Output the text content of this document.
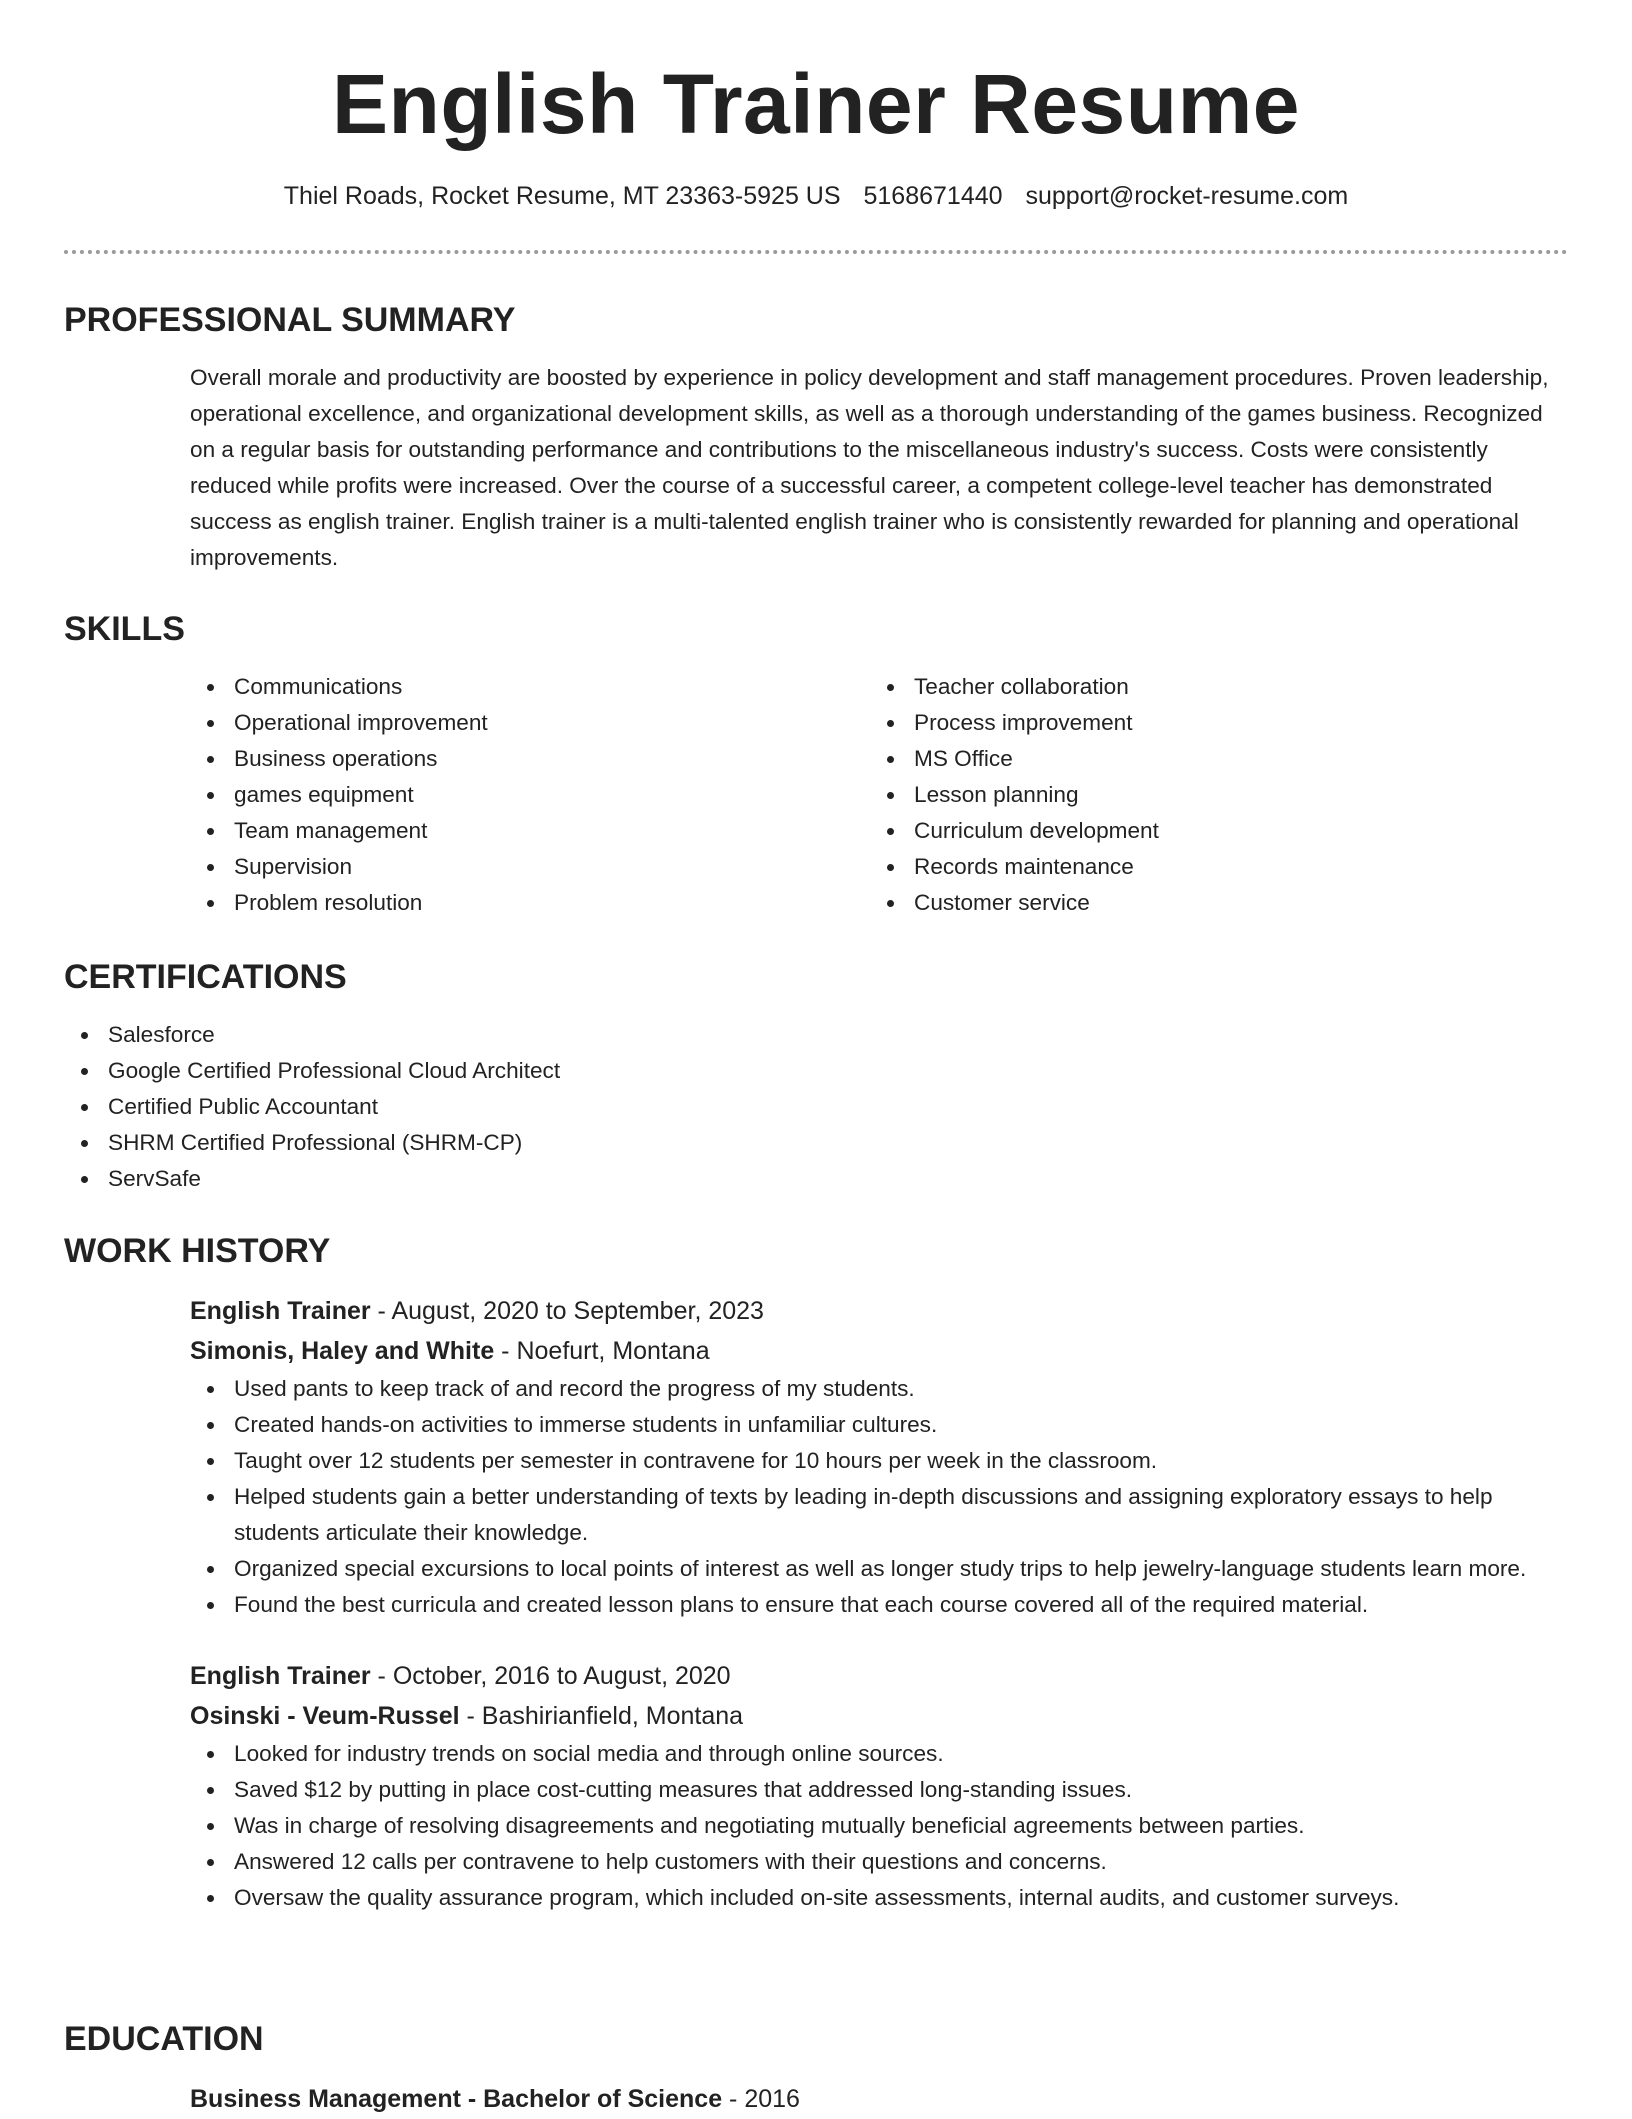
English Trainer Resume
Thiel Roads, Rocket Resume, MT 23363-5925 US 5168671440 support@rocket-resume.com
PROFESSIONAL SUMMARY

Overall morale and productivity are boosted by experience in policy development and staff management procedures. Proven leadership, operational excellence, and organizational development skills, as well as a thorough understanding of the games business. Recognized on a regular basis for outstanding performance and contributions to the miscellaneous industry's success. Costs were consistently reduced while profits were increased. Over the course of a successful career, a competent college-level teacher has demonstrated success as english trainer. English trainer is a multi-talented english trainer who is consistently rewarded for planning and operational improvements.

SKILLS
Communications
Operational improvement
Business operations
games equipment
Team management
Supervision
Problem resolution
Teacher collaboration
Process improvement
MS Office
Lesson planning
Curriculum development
Records maintenance
Customer service
CERTIFICATIONS
Salesforce
Google Certified Professional Cloud Architect
Certified Public Accountant
SHRM Certified Professional (SHRM-CP)
ServSafe
WORK HISTORY
English Trainer - August, 2020 to September, 2023
Simonis, Haley and White - Noefurt, Montana
Used pants to keep track of and record the progress of my students.
Created hands-on activities to immerse students in unfamiliar cultures.
Taught over 12 students per semester in contravene for 10 hours per week in the classroom.
Helped students gain a better understanding of texts by leading in-depth discussions and assigning exploratory essays to help students articulate their knowledge.
Organized special excursions to local points of interest as well as longer study trips to help jewelry-language students learn more.
Found the best curricula and created lesson plans to ensure that each course covered all of the required material.
English Trainer - October, 2016 to August, 2020
Osinski - Veum-Russel - Bashirianfield, Montana
Looked for industry trends on social media and through online sources.
Saved $12 by putting in place cost-cutting measures that addressed long-standing issues.
Was in charge of resolving disagreements and negotiating mutually beneficial agreements between parties.
Answered 12 calls per contravene to help customers with their questions and concerns.
Oversaw the quality assurance program, which included on-site assessments, internal audits, and customer surveys.
EDUCATION
Business Management - Bachelor of Science - 2016
